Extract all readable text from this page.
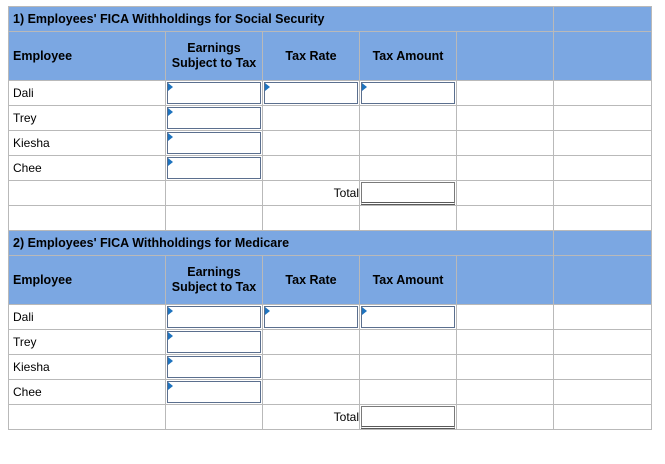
1) Employees' FICA Withholdings for Social Security					
Employee	Earnings
Subject to Tax	Tax Rate	Tax Amount		

Dali	

Trey	

Kiesha	

Chee	

		Total	

2) Employees' FICA Withholdings for Medicare					
Employee	Earnings
Subject to Tax	Tax Rate	Tax Amount		

Dali	

Trey	

Kiesha	

Chee	

		Total	
